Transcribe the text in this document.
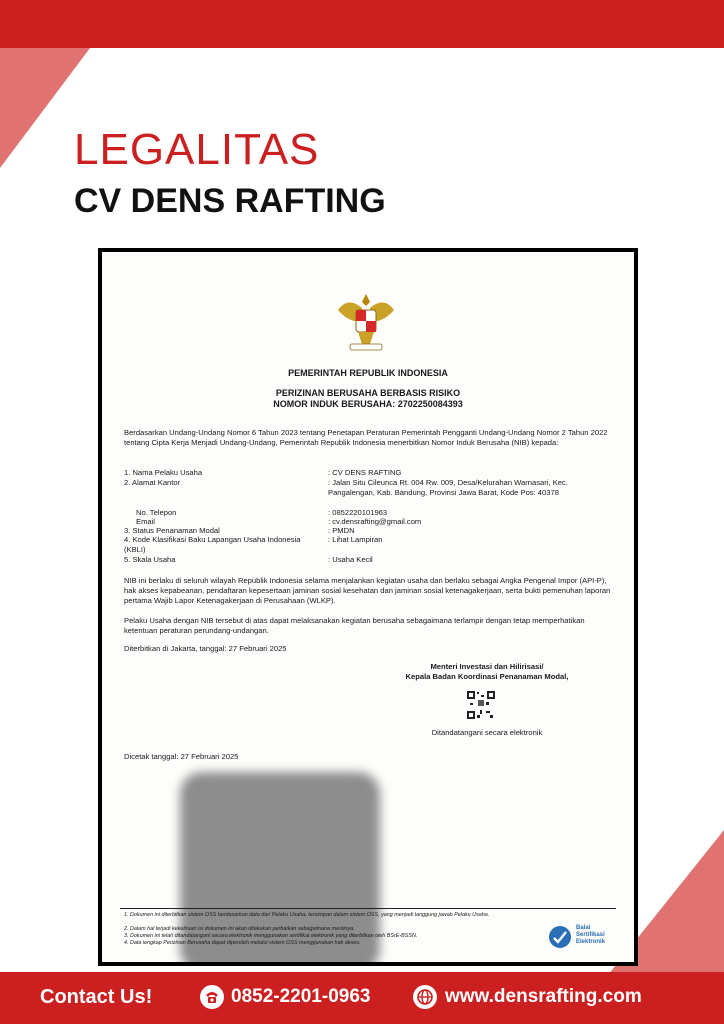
LEGALITAS
CV DENS RAFTING
PEMERINTAH REPUBLIK INDONESIA
PERIZINAN BERUSAHA BERBASIS RISIKO
NOMOR INDUK BERUSAHA: 2702250084393
Berdasarkan Undang-Undang Nomor 6 Tahun 2023 tentang Penetapan Peraturan Pemerintah Pengganti Undang-Undang Nomor 2 Tahun 2022 tentang Cipta Kerja Menjadi Undang-Undang, Pemerintah Republik Indonesia menerbitkan Nomor Induk Berusaha (NIB) kepada:
1. Nama Pelaku Usaha	: CV DENS RAFTING
2. Alamat Kantor	: Jalan Situ Cileunca Rt. 004 Rw. 009, Desa/Kelurahan Warnasari, Kec. Pangalengan, Kab. Bandung, Provinsi Jawa Barat, Kode Pos: 40378
No. Telepon	: 0852220101963
Email	: cv.densrafting@gmail.com
3. Status Penanaman Modal	: PMDN
4. Kode Klasifikasi Baku Lapangan Usaha Indonesia (KBLI)
: Lihat Lampiran
5. Skala Usaha	: Usaha Kecil
NIB ini berlaku di seluruh wilayah Republik Indonesia selama menjalankan kegiatan usaha dan berlaku sebagai Angka Pengenal Impor (API-P), hak akses kepabeanan, pendaftaran kepesertaan jaminan sosial kesehatan dan jaminan sosial ketenagakerjaan, serta bukti pemenuhan laporan pertama Wajib Lapor Ketenagakerjaan di Perusahaan (WLKP).
Pelaku Usaha dengan NIB tersebut di atas dapat melaksanakan kegiatan berusaha sebagaimana terlampir dengan tetap memperhatikan ketentuan peraturan perundang-undangan.
Diterbitkan di Jakarta, tanggal: 27 Februari 2025
Menteri Investasi dan Hilirisasi/
Kepala Badan Koordinasi Penanaman Modal,
Ditandatangani secara elektronik
Dicetak tanggal: 27 Februari 2025
1. Dokumen ini diterbitkan sistem OSS berdasarkan data dari Pelaku Usaha, tersimpan dalam sistem OSS, yang menjadi tanggung jawab Pelaku Usaha.
2. Dalam hal terjadi kekeliruan isi dokumen ini akan dilakukan perbaikan sebagaimana mestinya.
3. Dokumen ini telah ditandatangani secara elektronik menggunakan sertifikat elektronik yang diterbitkan oleh BSrE-BSSN.
4. Data lengkap Perizinan Berusaha dapat diperoleh melalui sistem OSS menggunakan hak akses.
Balai
Sertifikasi
Elektronik
Contact Us!	0852-2201-0963	www.densrafting.com
